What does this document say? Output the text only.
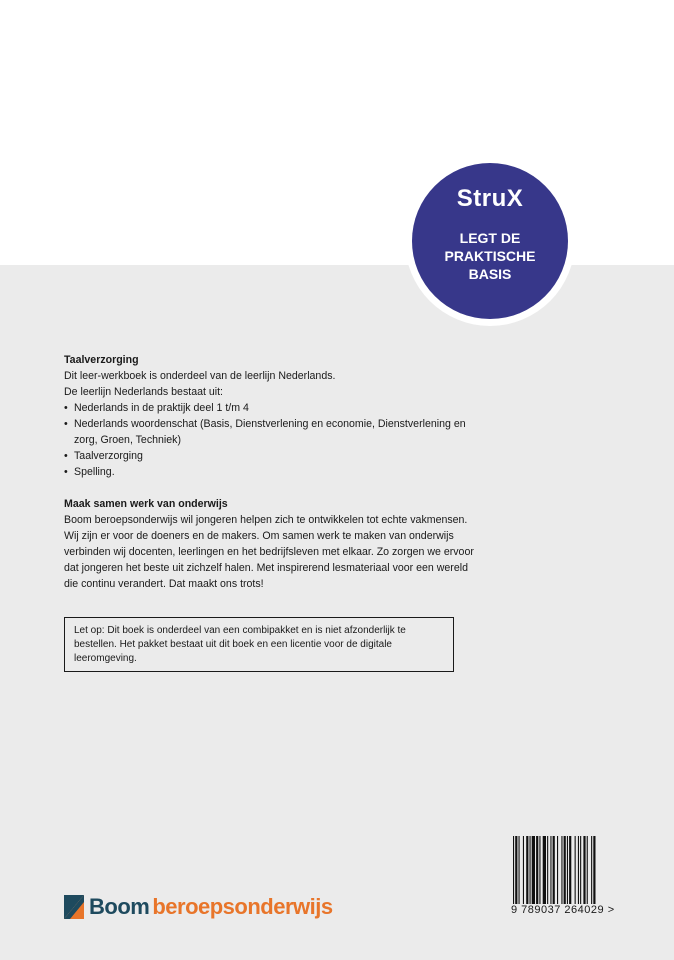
StruX
LEGT DE
PRAKTISCHE
BASIS
Taalverzorging
Dit leer-werkboek is onderdeel van de leerlijn Nederlands.
De leerlijn Nederlands bestaat uit:
• Nederlands in de praktijk deel 1 t/m 4
• Nederlands woordenschat (Basis, Dienstverlening en economie, Dienstverlening en zorg, Groen, Techniek)
• Taalverzorging
• Spelling.
Maak samen werk van onderwijs
Boom beroepsonderwijs wil jongeren helpen zich te ontwikkelen tot echte vakmensen. Wij zijn er voor de doeners en de makers. Om samen werk te maken van onderwijs verbinden wij docenten, leerlingen en het bedrijfsleven met elkaar. Zo zorgen we ervoor dat jongeren het beste uit zichzelf halen. Met inspirerend lesmateriaal voor een wereld die continu verandert. Dat maakt ons trots!
Let op: Dit boek is onderdeel van een combipakket en is niet afzonderlijk te bestellen. Het pakket bestaat uit dit boek en een licentie voor de digitale leeromgeving.
Boom beroepsonderwijs	9 789037 264029 >
